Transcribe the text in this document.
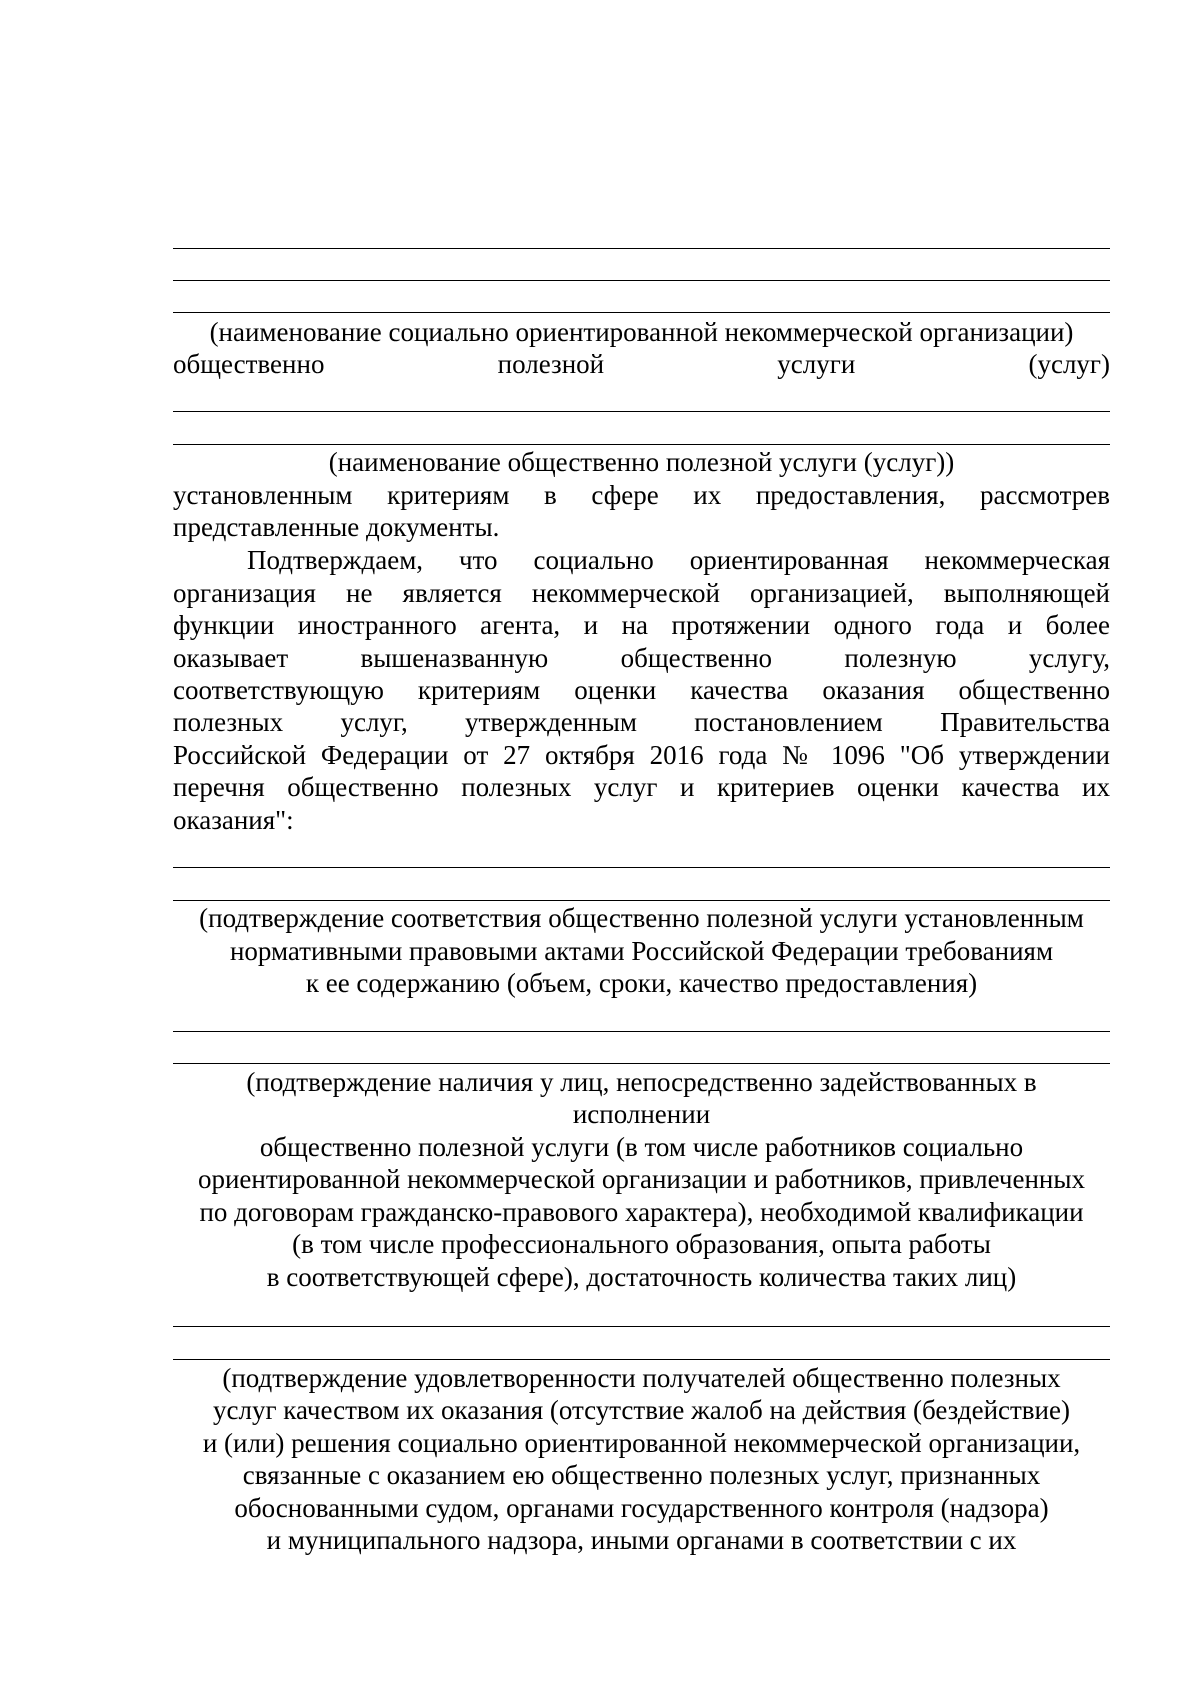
(наименование социально ориентированной некоммерческой организации)
общественно полезной услуги (услуг)
(наименование общественно полезной услуги (услуг))
установленным критериям в сфере их предоставления, рассмотрев
представленные документы.
Подтверждаем, что социально ориентированная некоммерческая
организация не является некоммерческой организацией, выполняющей
функции иностранного агента, и на протяжении одного года и более
оказывает вышеназванную общественно полезную услугу,
соответствующую критериям оценки качества оказания общественно
полезных услуг, утвержденным постановлением Правительства
Российской Федерации от 27 октября 2016 года № 1096 "Об утверждении
перечня общественно полезных услуг и критериев оценки качества их
оказания":
(подтверждение соответствия общественно полезной услуги установленным
нормативными правовыми актами Российской Федерации требованиям
к ее содержанию (объем, сроки, качество предоставления)
(подтверждение наличия у лиц, непосредственно задействованных в
исполнении
общественно полезной услуги (в том числе работников социально
ориентированной некоммерческой организации и работников, привлеченных
по договорам гражданско-правового характера), необходимой квалификации
(в том числе профессионального образования, опыта работы
в соответствующей сфере), достаточность количества таких лиц)
(подтверждение удовлетворенности получателей общественно полезных
услуг качеством их оказания (отсутствие жалоб на действия (бездействие)
и (или) решения социально ориентированной некоммерческой организации,
связанные с оказанием ею общественно полезных услуг, признанных
обоснованными судом, органами государственного контроля (надзора)
и муниципального надзора, иными органами в соответствии с их
